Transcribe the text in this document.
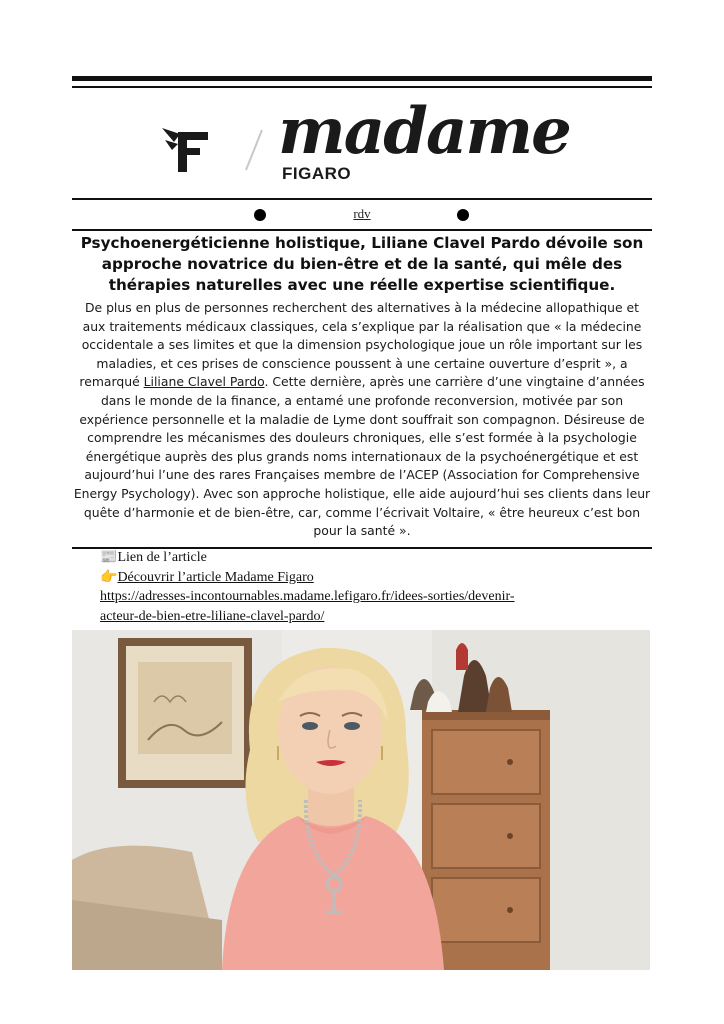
F
madame
FIGARO
rdv
Psychoenergéticienne holistique, Liliane Clavel Pardo dévoile son approche novatrice du bien-être et de la santé, qui mêle des thérapies naturelles avec une réelle expertise scientifique.

De plus en plus de personnes recherchent des alternatives à la médecine allopathique et aux traitements médicaux classiques, cela s’explique par la réalisation que « la médecine occidentale a ses limites et que la dimension psychologique joue un rôle important sur les maladies, et ces prises de conscience poussent à une certaine ouverture d’esprit », a remarqué Liliane Clavel Pardo. Cette dernière, après une carrière d’une vingtaine d’années dans le monde de la finance, a entamé une profonde reconversion, motivée par son expérience personnelle et la maladie de Lyme dont souffrait son compagnon. Désireuse de comprendre les mécanismes des douleurs chroniques, elle s’est formée à la psychologie énergétique auprès des plus grands noms internationaux de la psychoénergétique et est aujourd’hui l’une des rares Françaises membre de l’ACEP (Association for Comprehensive Energy Psychology). Avec son approche holistique, elle aide aujourd’hui ses clients dans leur quête d’harmonie et de bien-être, car, comme l’écrivait Voltaire, « être heureux c’est bon pour la santé ».

📰 Lien de l’article
👉 Découvrir l’article Madame Figaro
https://adresses-incontournables.madame.lefigaro.fr/idees-sorties/devenir-
acteur-de-bien-etre-liliane-clavel-pardo/
